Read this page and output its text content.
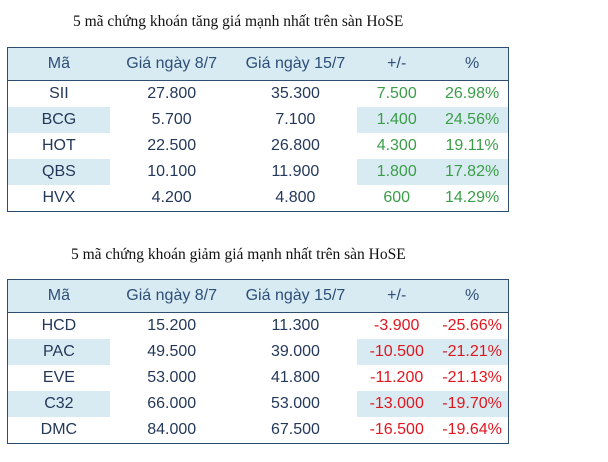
5 mã chứng khoán tăng giá mạnh nhất trên sàn HoSE
Mã	Giá ngày 8/7	Giá ngày 15/7	+/-	%
SII	27.800	35.300	7.500	26.98%
BCG	5.700	7.100	1.400	24.56%
HOT	22.500	26.800	4.300	19.11%
QBS	10.100	11.900	1.800	17.82%
HVX	4.200	4.800	600	14.29%
5 mã chứng khoán giảm giá mạnh nhất trên sàn HoSE
Mã	Giá ngày 8/7	Giá ngày 15/7	+/-	%
HCD	15.200	11.300	-3.900	-25.66%
PAC	49.500	39.000	-10.500	-21.21%
EVE	53.000	41.800	-11.200	-21.13%
C32	66.000	53.000	-13.000	-19.70%
DMC	84.000	67.500	-16.500	-19.64%
